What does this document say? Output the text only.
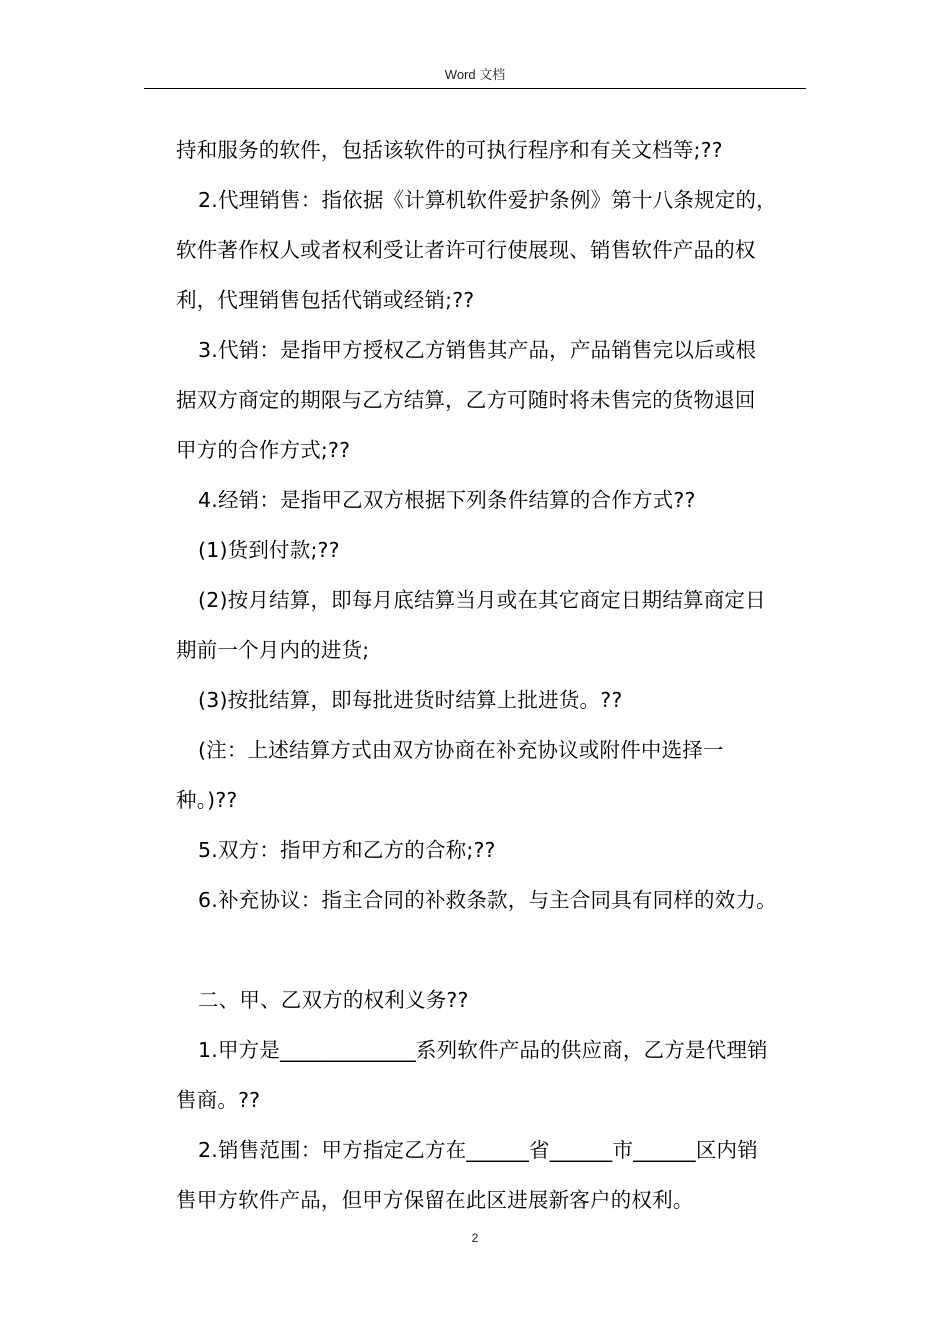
Word 文档
持和服务的软件，包括该软件的可执行程序和有关文档等;??
2.代理销售：指依据《计算机软件爱护条例》第十八条规定的，
软件著作权人或者权利受让者许可行使展现、销售软件产品的权
利，代理销售包括代销或经销;??
3.代销：是指甲方授权乙方销售其产品，产品销售完以后或根
据双方商定的期限与乙方结算，乙方可随时将未售完的货物退回
甲方的合作方式;??
4.经销：是指甲乙双方根据下列条件结算的合作方式??
(1)货到付款;??
(2)按月结算，即每月底结算当月或在其它商定日期结算商定日
期前一个月内的进货;
(3)按批结算，即每批进货时结算上批进货。??
(注：上述结算方式由双方协商在补充协议或附件中选择一
种。)??
5.双方：指甲方和乙方的合称;??
6.补充协议：指主合同的补救条款，与主合同具有同样的效力。
二、甲、乙双方的权利义务??
1.甲方是_____________系列软件产品的供应商，乙方是代理销
售商。??
2.销售范围：甲方指定乙方在______省______市______区内销
售甲方软件产品，但甲方保留在此区进展新客户的权利。
2
